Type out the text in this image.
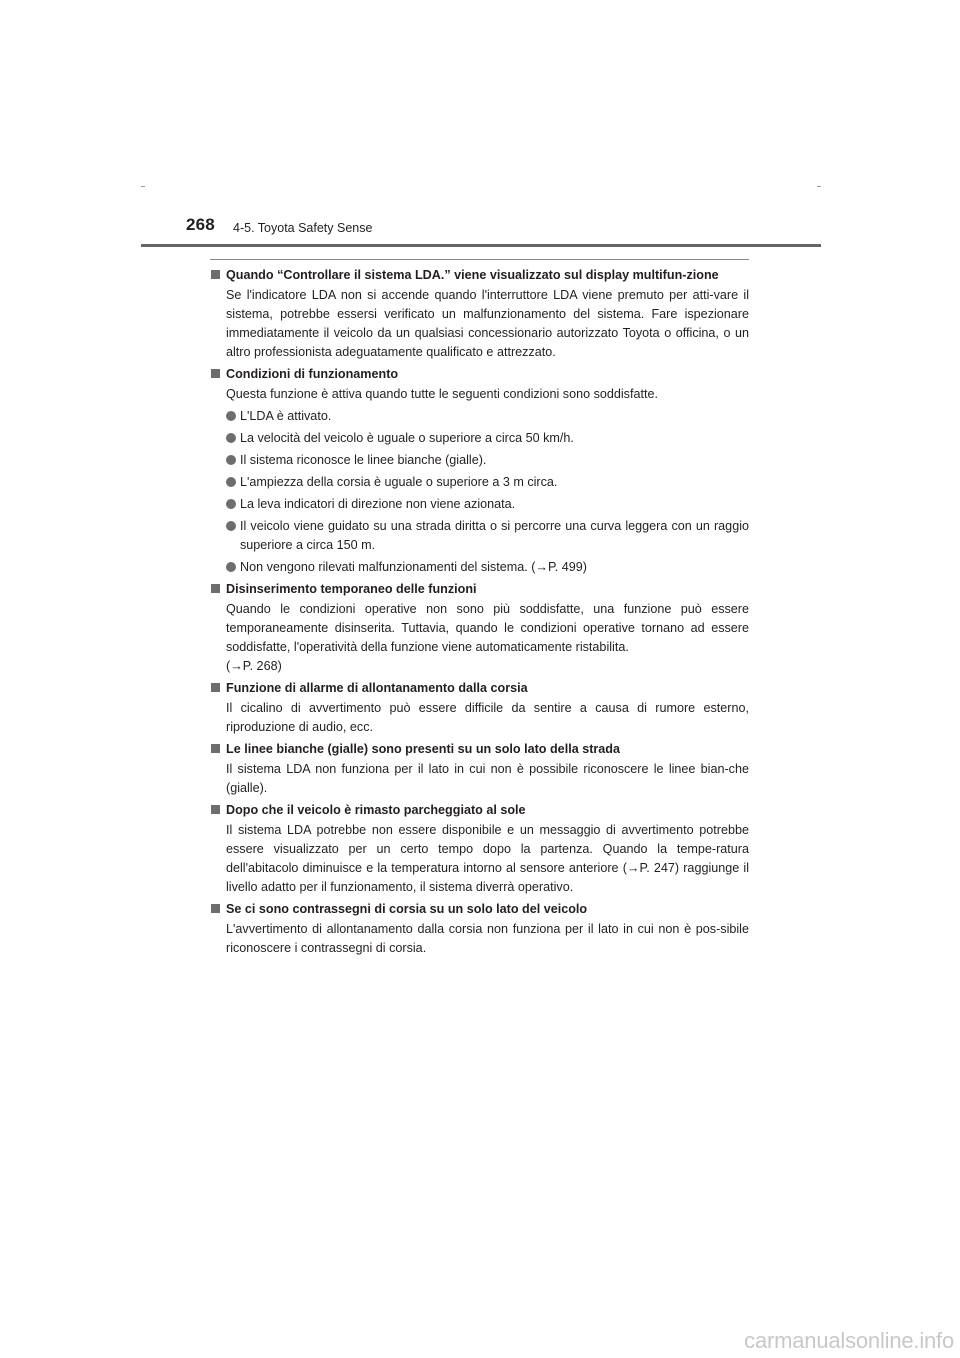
268 4-5. Toyota Safety Sense
Quando “Controllare il sistema LDA.” viene visualizzato sul display multifun-zione
Se l'indicatore LDA non si accende quando l'interruttore LDA viene premuto per atti-vare il sistema, potrebbe essersi verificato un malfunzionamento del sistema. Fare ispezionare immediatamente il veicolo da un qualsiasi concessionario autorizzato Toyota o officina, o un altro professionista adeguatamente qualificato e attrezzato.
Condizioni di funzionamento
Questa funzione è attiva quando tutte le seguenti condizioni sono soddisfatte.
L'LDA è attivato.
La velocità del veicolo è uguale o superiore a circa 50 km/h.
Il sistema riconosce le linee bianche (gialle).
L'ampiezza della corsia è uguale o superiore a 3 m circa.
La leva indicatori di direzione non viene azionata.
Il veicolo viene guidato su una strada diritta o si percorre una curva leggera con un raggio superiore a circa 150 m.
Non vengono rilevati malfunzionamenti del sistema. (→P. 499)
Disinserimento temporaneo delle funzioni
Quando le condizioni operative non sono più soddisfatte, una funzione può essere temporaneamente disinserita. Tuttavia, quando le condizioni operative tornano ad essere soddisfatte, l'operatività della funzione viene automaticamente ristabilita.
(→P. 268)
Funzione di allarme di allontanamento dalla corsia
Il cicalino di avvertimento può essere difficile da sentire a causa di rumore esterno, riproduzione di audio, ecc.
Le linee bianche (gialle) sono presenti su un solo lato della strada
Il sistema LDA non funziona per il lato in cui non è possibile riconoscere le linee bian-che (gialle).
Dopo che il veicolo è rimasto parcheggiato al sole
Il sistema LDA potrebbe non essere disponibile e un messaggio di avvertimento potrebbe essere visualizzato per un certo tempo dopo la partenza. Quando la tempe-ratura dell'abitacolo diminuisce e la temperatura intorno al sensore anteriore (→P. 247) raggiunge il livello adatto per il funzionamento, il sistema diverrà operativo.
Se ci sono contrassegni di corsia su un solo lato del veicolo
L'avvertimento di allontanamento dalla corsia non funziona per il lato in cui non è pos-sibile riconoscere i contrassegni di corsia.
carmanualsonline.info
